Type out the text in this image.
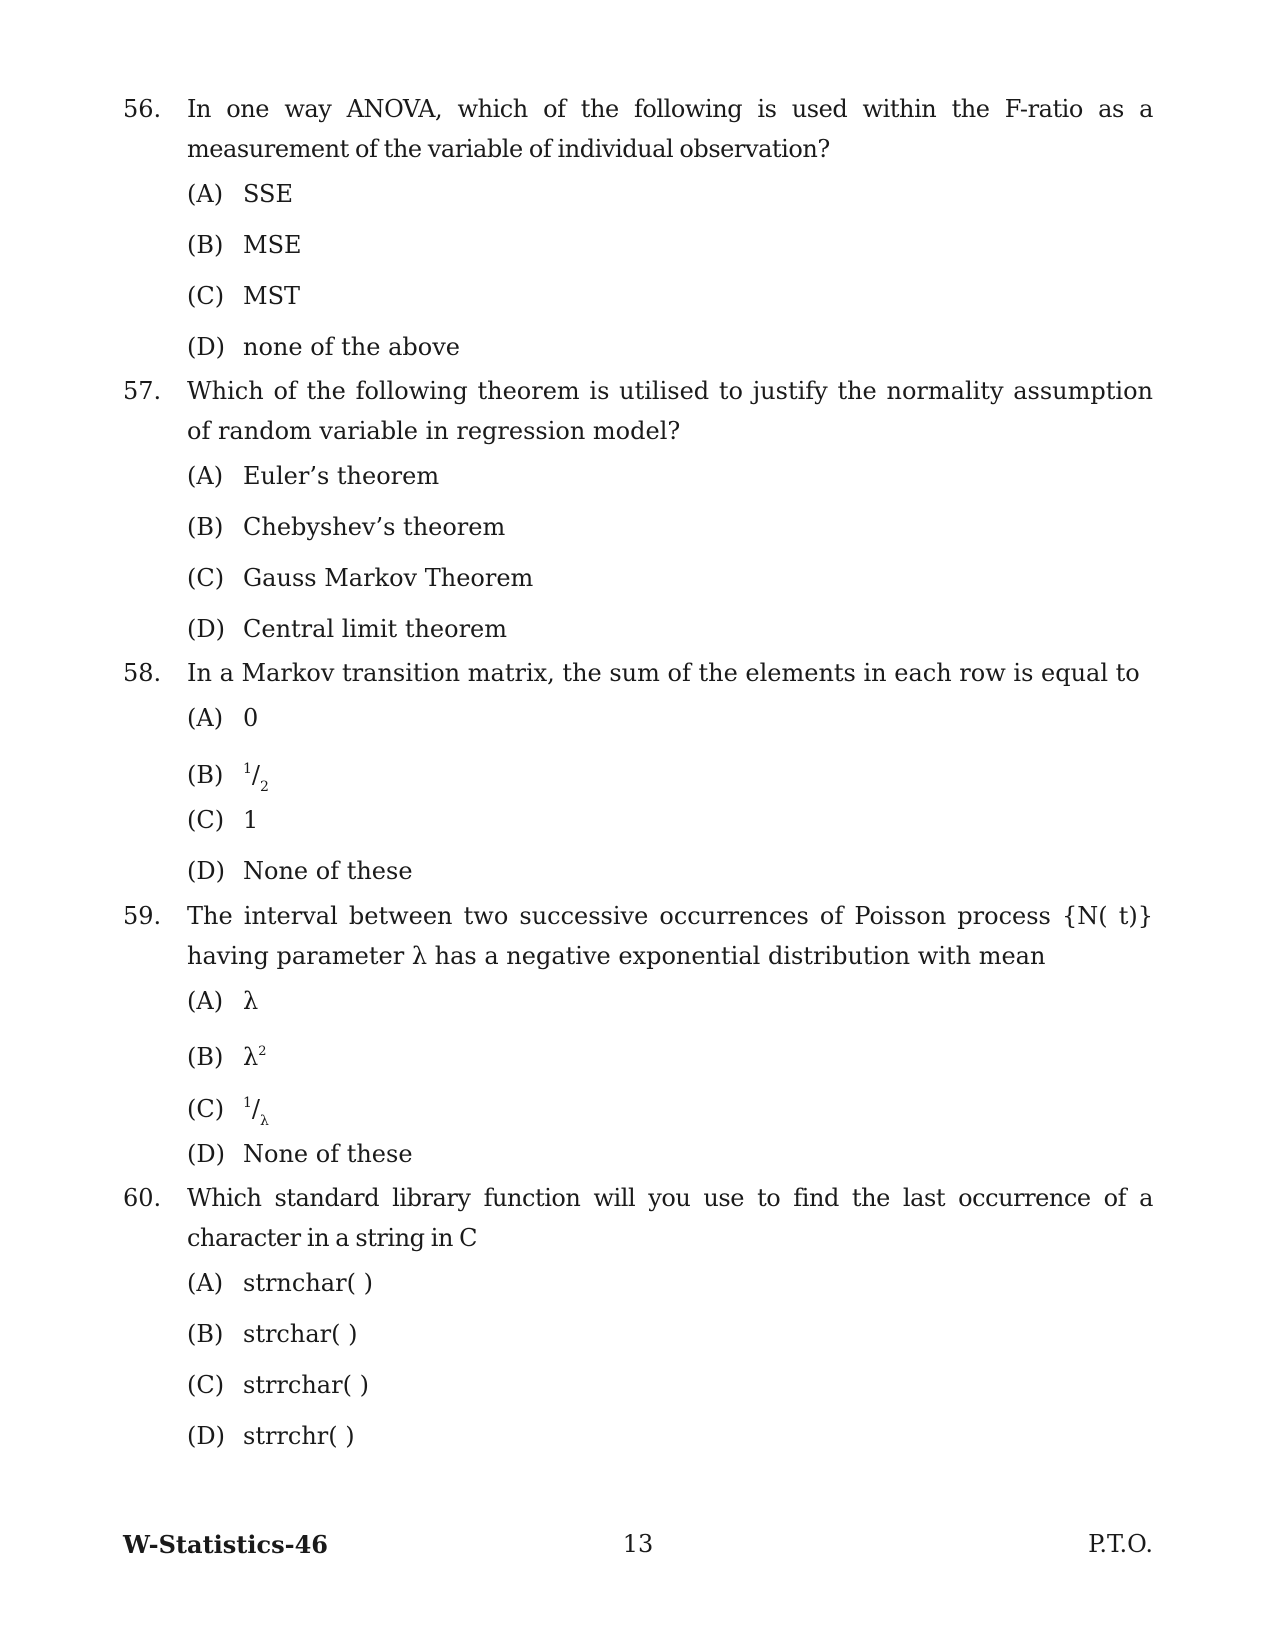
56.	In one way ANOVA, which of the following is used within the F-ratio as a measurement of the variable of individual observation?
(A) SSE
(B) MSE
(C) MST
(D) none of the above
57.	Which of the following theorem is utilised to justify the normality assumption of random variable in regression model?
(A) Euler’s theorem
(B) Chebyshev’s theorem
(C) Gauss Markov Theorem
(D) Central limit theorem
58.	In a Markov transition matrix, the sum of the elements in each row is equal to
(A) 0
(B)	$^1/_2$
(C) 1
(D) None of these
59.	The interval between two successive occurrences of Poisson process {N( t)} having parameter λ has a negative exponential distribution with mean
(A) λ
(B) $\lambda^2$
(C)	$^1/_\lambda$
(D) None of these
60.	Which standard library function will you use to find the last occurrence of a character in a string in C
(A) strnchar( )
(B) strchar( )
(C) strrchar( )
(D) strrchr( )
13
W-Statistics-46	P.T.O.
